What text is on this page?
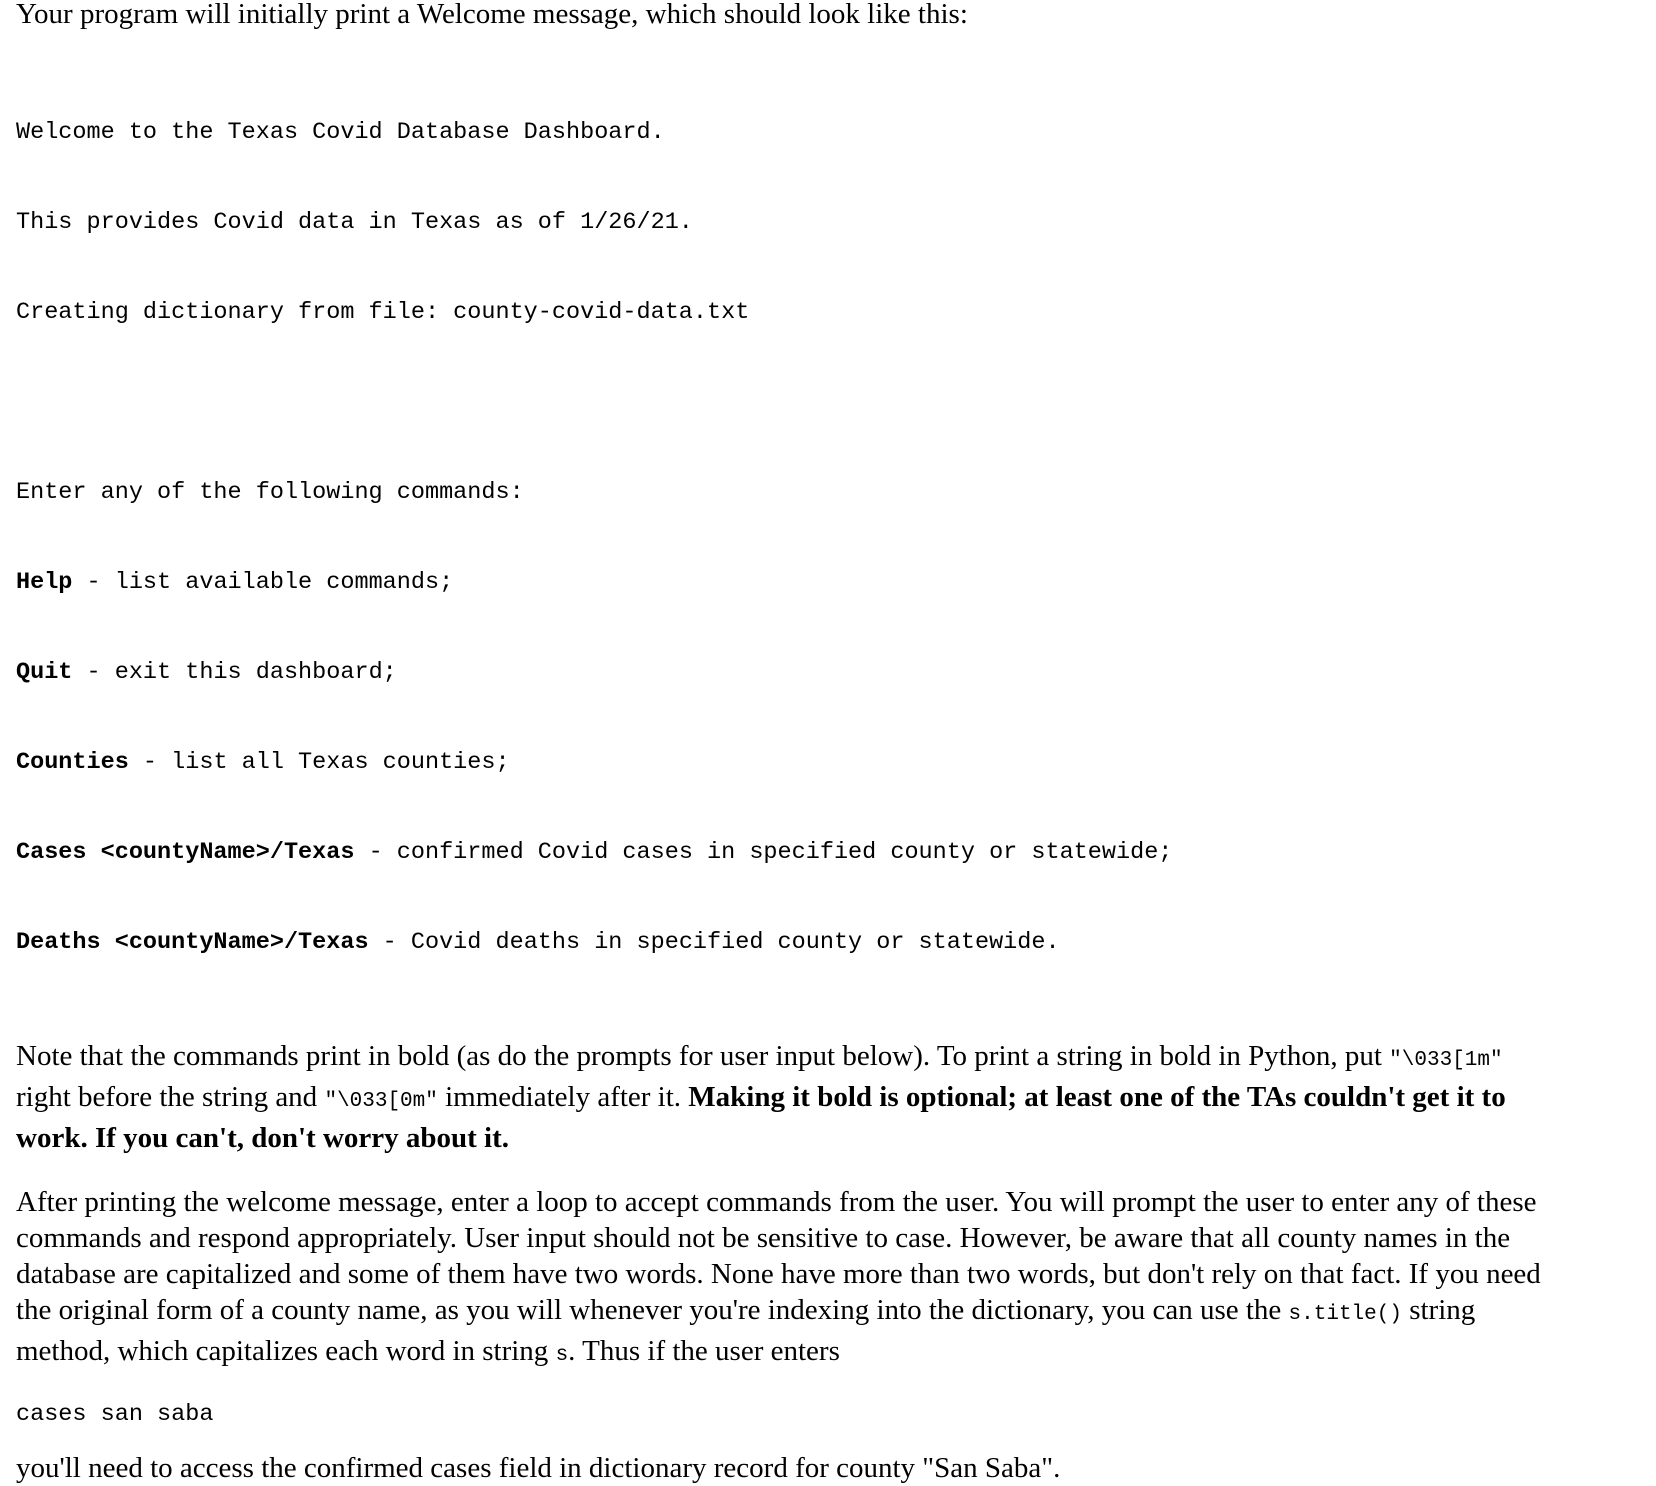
Your program will initially print a Welcome message, which should look like this:

Welcome to the Texas Covid Database Dashboard.

This provides Covid data in Texas as of 1/26/21.

Creating dictionary from file: county-covid-data.txt

Enter any of the following commands:

Help - list available commands;

Quit - exit this dashboard;

Counties - list all Texas counties;

Cases <countyName>/Texas - confirmed Covid cases in specified county or statewide;

Deaths <countyName>/Texas - Covid deaths in specified county or statewide.

Note that the commands print in bold (as do the prompts for user input below). To print a string in bold in Python, put "\033[1m" right before the string and "\033[0m" immediately after it. Making it bold is optional; at least one of the TAs couldn't get it to work. If you can't, don't worry about it.

After printing the welcome message, enter a loop to accept commands from the user. You will prompt the user to enter any of these commands and respond appropriately. User input should not be sensitive to case. However, be aware that all county names in the database are capitalized and some of them have two words. None have more than two words, but don't rely on that fact. If you need the original form of a county name, as you will whenever you're indexing into the dictionary, you can use the s.title() string method, which capitalizes each word in string s. Thus if the user enters

cases san saba

you'll need to access the confirmed cases field in dictionary record for county "San Saba".
